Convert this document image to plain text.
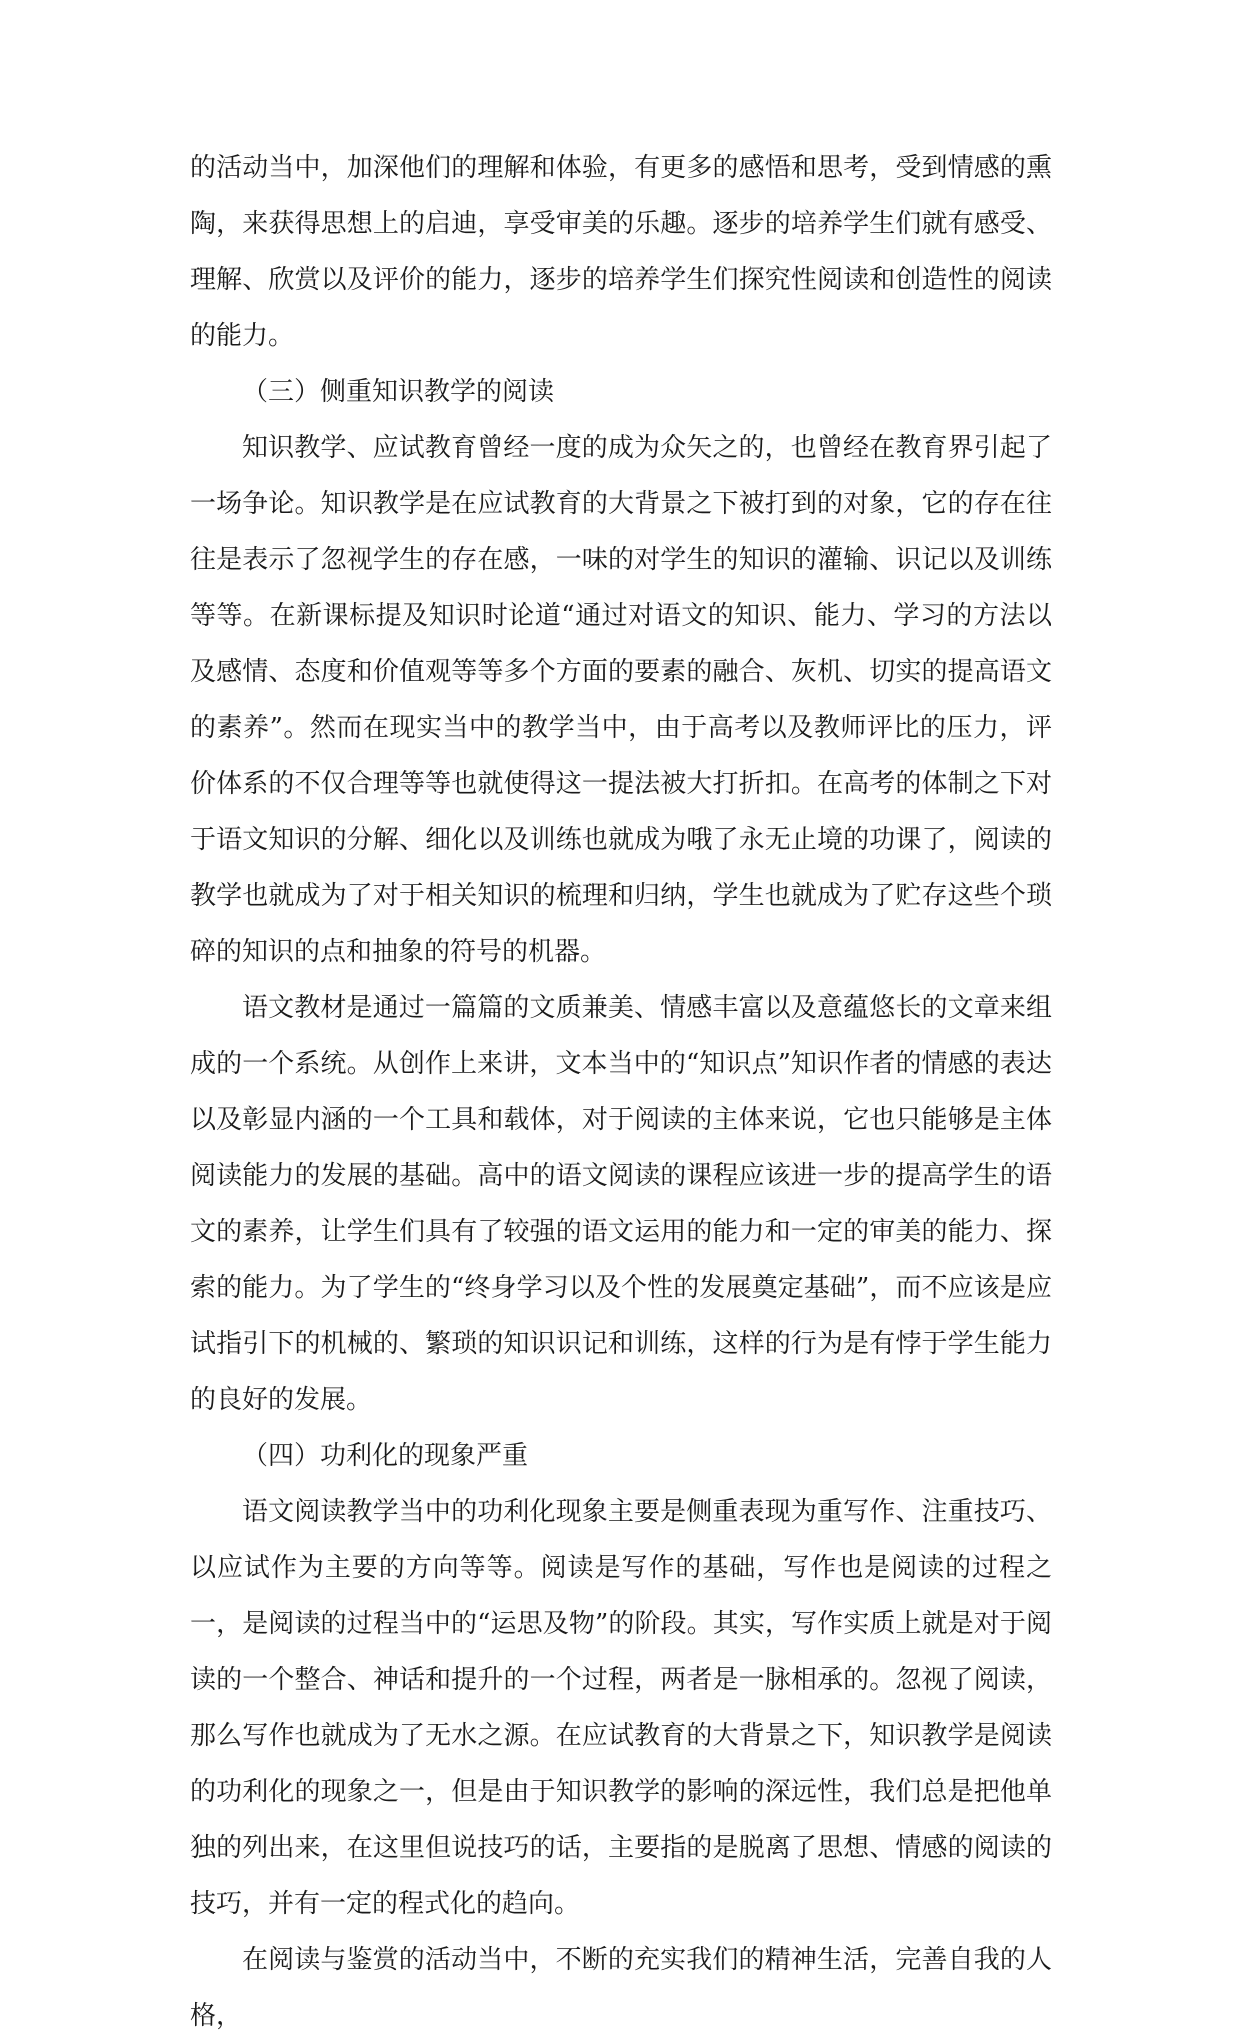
的活动当中，加深他们的理解和体验，有更多的感悟和思考，受到情感的熏陶，来获得思想上的启迪，享受审美的乐趣。逐步的培养学生们就有感受、理解、欣赏以及评价的能力，逐步的培养学生们探究性阅读和创造性的阅读的能力。

（三）侧重知识教学的阅读

知识教学、应试教育曾经一度的成为众矢之的，也曾经在教育界引起了一场争论。知识教学是在应试教育的大背景之下被打到的对象，它的存在往往是表示了忽视学生的存在感，一味的对学生的知识的灌输、识记以及训练等等。在新课标提及知识时论道“通过对语文的知识、能力、学习的方法以及感情、态度和价值观等等多个方面的要素的融合、灰机、切实的提高语文的素养”。然而在现实当中的教学当中，由于高考以及教师评比的压力，评价体系的不仅合理等等也就使得这一提法被大打折扣。在高考的体制之下对于语文知识的分解、细化以及训练也就成为哦了永无止境的功课了，阅读的教学也就成为了对于相关知识的梳理和归纳，学生也就成为了贮存这些个琐碎的知识的点和抽象的符号的机器。

语文教材是通过一篇篇的文质兼美、情感丰富以及意蕴悠长的文章来组成的一个系统。从创作上来讲，文本当中的“知识点”知识作者的情感的表达以及彰显内涵的一个工具和载体，对于阅读的主体来说，它也只能够是主体阅读能力的发展的基础。高中的语文阅读的课程应该进一步的提高学生的语文的素养，让学生们具有了较强的语文运用的能力和一定的审美的能力、探索的能力。为了学生的“终身学习以及个性的发展奠定基础”，而不应该是应试指引下的机械的、繁琐的知识识记和训练，这样的行为是有悖于学生能力的良好的发展。

（四）功利化的现象严重

语文阅读教学当中的功利化现象主要是侧重表现为重写作、注重技巧、以应试作为主要的方向等等。阅读是写作的基础，写作也是阅读的过程之一，是阅读的过程当中的“运思及物”的阶段。其实，写作实质上就是对于阅读的一个整合、神话和提升的一个过程，两者是一脉相承的。忽视了阅读，那么写作也就成为了无水之源。在应试教育的大背景之下，知识教学是阅读的功利化的现象之一，但是由于知识教学的影响的深远性，我们总是把他单独的列出来，在这里但说技巧的话，主要指的是脱离了思想、情感的阅读的技巧，并有一定的程式化的趋向。

在阅读与鉴赏的活动当中，不断的充实我们的精神生活，完善自我的人格，
